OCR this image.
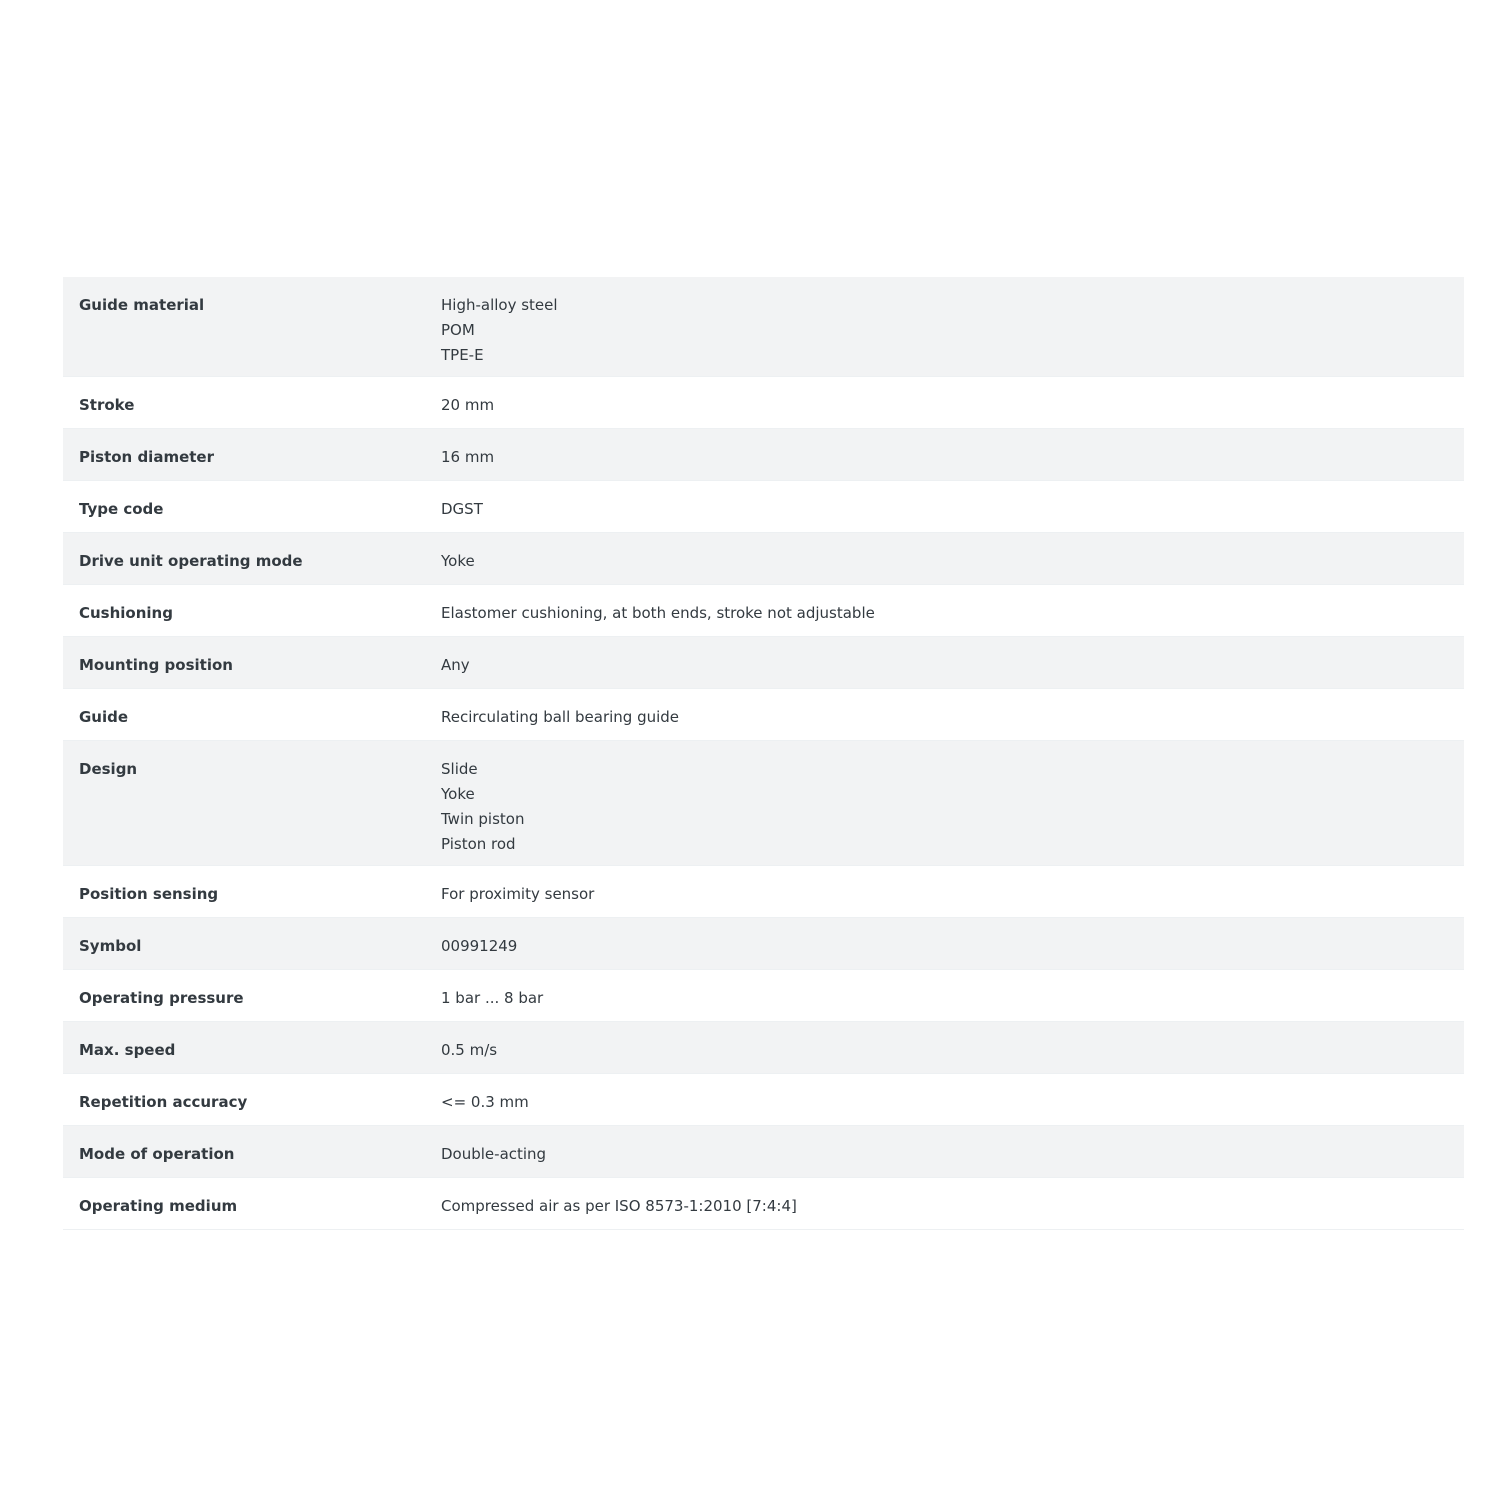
Guide material	High-alloy steel
POM
TPE-E
Stroke	20 mm
Piston diameter	16 mm
Type code	DGST
Drive unit operating mode	Yoke
Cushioning	Elastomer cushioning, at both ends, stroke not adjustable
Mounting position	Any
Guide	Recirculating ball bearing guide
Design	Slide
Yoke
Twin piston
Piston rod
Position sensing	For proximity sensor
Symbol	00991249
Operating pressure	1 bar ... 8 bar
Max. speed	0.5 m/s
Repetition accuracy	<= 0.3 mm
Mode of operation	Double-acting
Operating medium	Compressed air as per ISO 8573-1:2010 [7:4:4]
